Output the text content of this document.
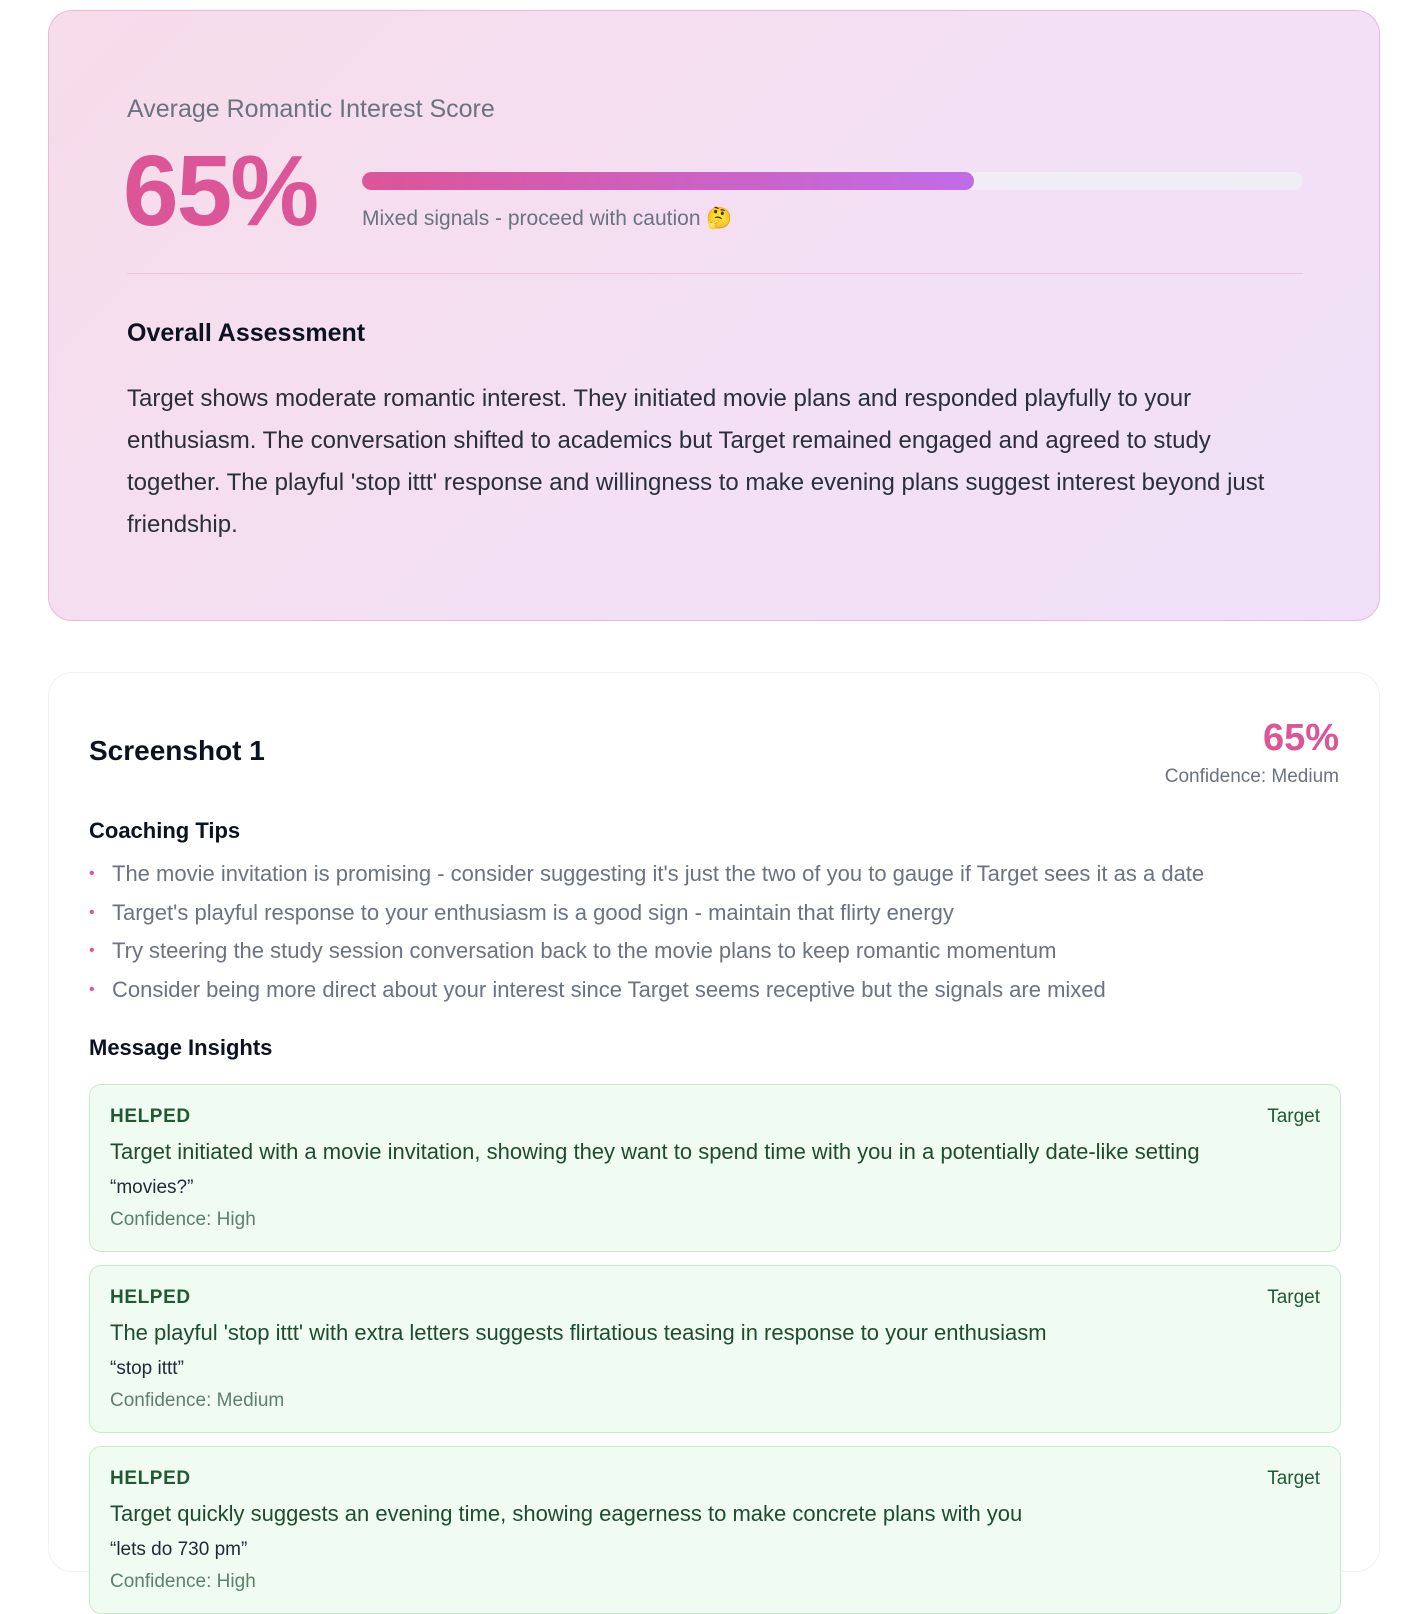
Average Romantic Interest Score
65% Mixed signals - proceed with caution 🤔
Overall Assessment
Target shows moderate romantic interest. They initiated movie plans and responded playfully to your enthusiasm. The conversation shifted to academics but Target remained engaged and agreed to study together. The playful 'stop ittt' response and willingness to make evening plans suggest interest beyond just friendship.
Screenshot 1	65%
Confidence: Medium
Coaching Tips
• The movie invitation is promising - consider suggesting it's just the two of you to gauge if Target sees it as a date
• Target's playful response to your enthusiasm is a good sign - maintain that flirty energy
• Try steering the study session conversation back to the movie plans to keep romantic momentum
• Consider being more direct about your interest since Target seems receptive but the signals are mixed
Message Insights
HELPED	Target
Target initiated with a movie invitation, showing they want to spend time with you in a potentially date-like setting
“movies?”
Confidence: High
HELPED	Target
The playful 'stop ittt' with extra letters suggests flirtatious teasing in response to your enthusiasm
“stop ittt”
Confidence: Medium
HELPED	Target
Target quickly suggests an evening time, showing eagerness to make concrete plans with you
“lets do 730 pm”
Confidence: High
